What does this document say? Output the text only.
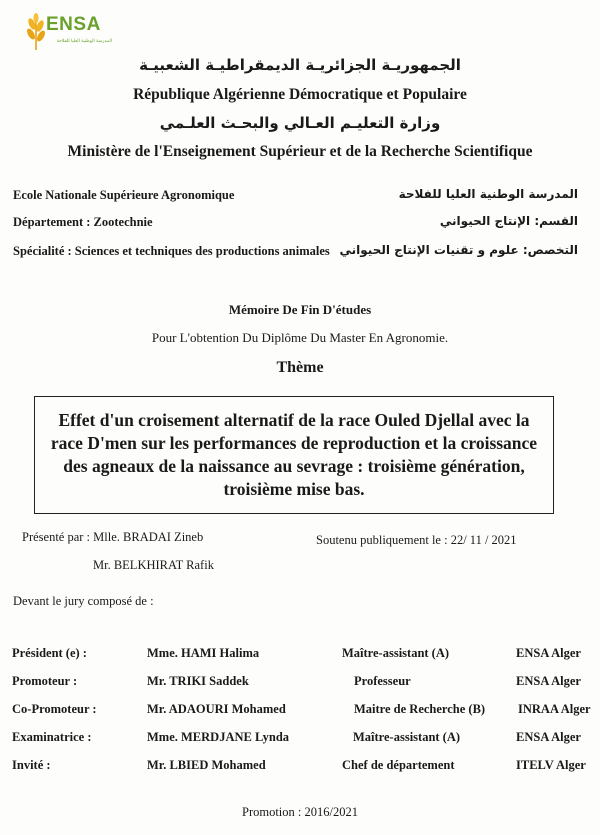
ENSA
المدرسة الوطنية العليا للفلاحة
الجمهوريـة الجزائريـة الديمقراطيـة الشعبيـة
République Algérienne Démocratique et Populaire
وزارة التعليـم العـالي والبحـث العلـمي
Ministère de l'Enseignement Supérieur et de la Recherche Scientifique
Ecole Nationale Supérieure Agronomique	المدرسة الوطنية العليا للفلاحة
Département : Zootechnie	القسم: الإنتاج الحيواني
Spécialité : Sciences et techniques des productions animales التخصص: علوم و تقنيات الإنتاج الحيواني
Mémoire De Fin D'études
Pour L'obtention Du Diplôme Du Master En Agronomie.
Thème
Effet d'un croisement alternatif de la race Ouled Djellal avec la race D'men sur les performances de reproduction et la croissance des agneaux de la naissance au sevrage : troisième génération, troisième mise bas.
Présenté par : Mlle. BRADAI Zineb	Soutenu publiquement le : 22/ 11 / 2021
Mr. BELKHIRAT Rafik
Devant le jury composé de :
Président (e) :	Mme. HAMI Halima	Maître-assistant (A)	ENSA Alger
Promoteur :	Mr. TRIKI Saddek	Professeur	ENSA Alger
Co-Promoteur :	Mr. ADAOURI Mohamed	Maitre de Recherche (B)	INRAA Alger
Examinatrice :	Mme. MERDJANE Lynda	Maître-assistant (A)	ENSA Alger
Invité :	Mr. LBIED Mohamed	Chef de département	ITELV Alger
Promotion : 2016/2021
